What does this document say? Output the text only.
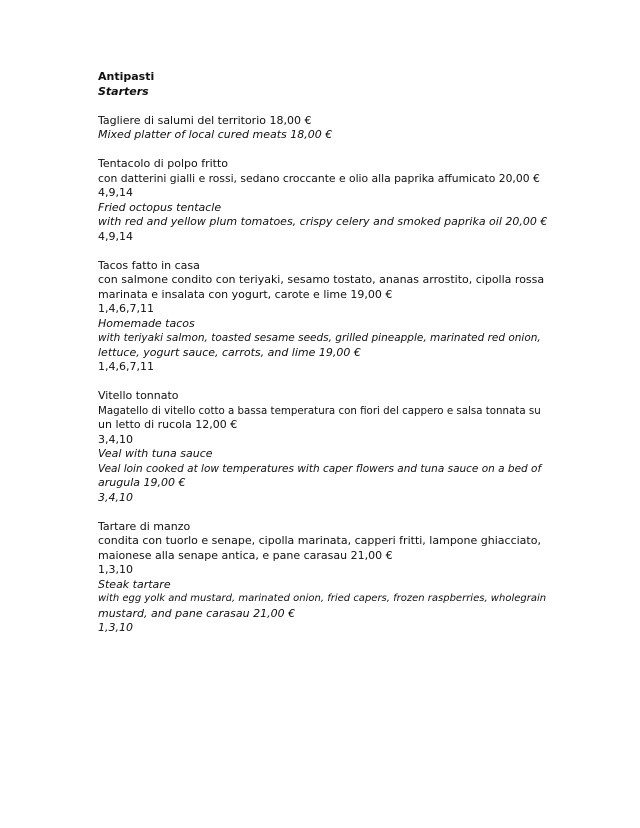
Antipasti
Starters
Tagliere di salumi del territorio 18,00 €
Mixed platter of local cured meats 18,00 €
Tentacolo di polpo fritto
con datterini gialli e rossi, sedano croccante e olio alla paprika affumicato 20,00 €
4,9,14
Fried octopus tentacle
with red and yellow plum tomatoes, crispy celery and smoked paprika oil 20,00 €
4,9,14
Tacos fatto in casa
con salmone condito con teriyaki, sesamo tostato, ananas arrostito, cipolla rossa
marinata e insalata con yogurt, carote e lime 19,00 €
1,4,6,7,11
Homemade tacos
with teriyaki salmon, toasted sesame seeds, grilled pineapple, marinated red onion,
lettuce, yogurt sauce, carrots, and lime 19,00 €
1,4,6,7,11
Vitello tonnato
Magatello di vitello cotto a bassa temperatura con fiori del cappero e salsa tonnata su
un letto di rucola 12,00 €
3,4,10
Veal with tuna sauce
Veal loin cooked at low temperatures with caper flowers and tuna sauce on a bed of
arugula 19,00 €
3,4,10
Tartare di manzo
condita con tuorlo e senape, cipolla marinata, capperi fritti, lampone ghiacciato,
maionese alla senape antica, e pane carasau 21,00 €
1,3,10
Steak tartare
with egg yolk and mustard, marinated onion, fried capers, frozen raspberries, wholegrain
mustard, and pane carasau 21,00 €
1,3,10
